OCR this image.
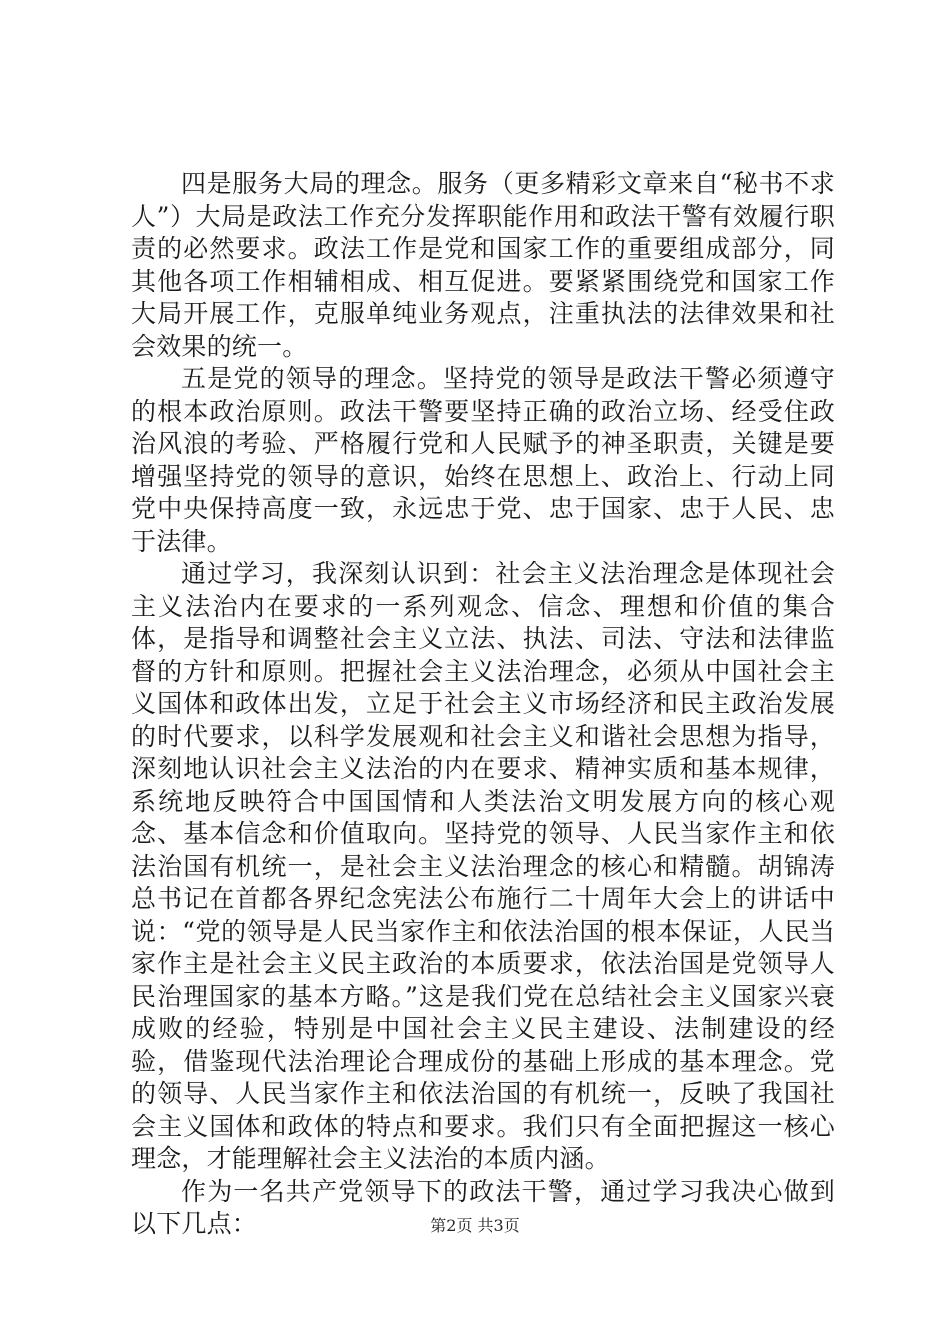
四是服务大局的理念。服务（更多精彩文章来自“秘书不求人”）大局是政法工作充分发挥职能作用和政法干警有效履行职责的必然要求。政法工作是党和国家工作的重要组成部分，同其他各项工作相辅相成、相互促进。要紧紧围绕党和国家工作大局开展工作，克服单纯业务观点，注重执法的法律效果和社会效果的统一。

五是党的领导的理念。坚持党的领导是政法干警必须遵守的根本政治原则。政法干警要坚持正确的政治立场、经受住政治风浪的考验、严格履行党和人民赋予的神圣职责，关键是要增强坚持党的领导的意识，始终在思想上、政治上、行动上同党中央保持高度一致，永远忠于党、忠于国家、忠于人民、忠于法律。

通过学习，我深刻认识到：社会主义法治理念是体现社会主义法治内在要求的一系列观念、信念、理想和价值的集合体，是指导和调整社会主义立法、执法、司法、守法和法律监督的方针和原则。把握社会主义法治理念，必须从中国社会主义国体和政体出发，立足于社会主义市场经济和民主政治发展的时代要求，以科学发展观和社会主义和谐社会思想为指导，深刻地认识社会主义法治的内在要求、精神实质和基本规律，系统地反映符合中国国情和人类法治文明发展方向的核心观念、基本信念和价值取向。坚持党的领导、人民当家作主和依法治国有机统一，是社会主义法治理念的核心和精髓。胡锦涛总书记在首都各界纪念宪法公布施行二十周年大会上的讲话中说：“党的领导是人民当家作主和依法治国的根本保证，人民当家作主是社会主义民主政治的本质要求，依法治国是党领导人民治理国家的基本方略。”这是我们党在总结社会主义国家兴衰成败的经验，特别是中国社会主义民主建设、法制建设的经验，借鉴现代法治理论合理成份的基础上形成的基本理念。党的领导、人民当家作主和依法治国的有机统一，反映了我国社会主义国体和政体的特点和要求。我们只有全面把握这一核心理念，才能理解社会主义法治的本质内涵。

作为一名共产党领导下的政法干警，通过学习我决心做到以下几点：	第2页 共3页
